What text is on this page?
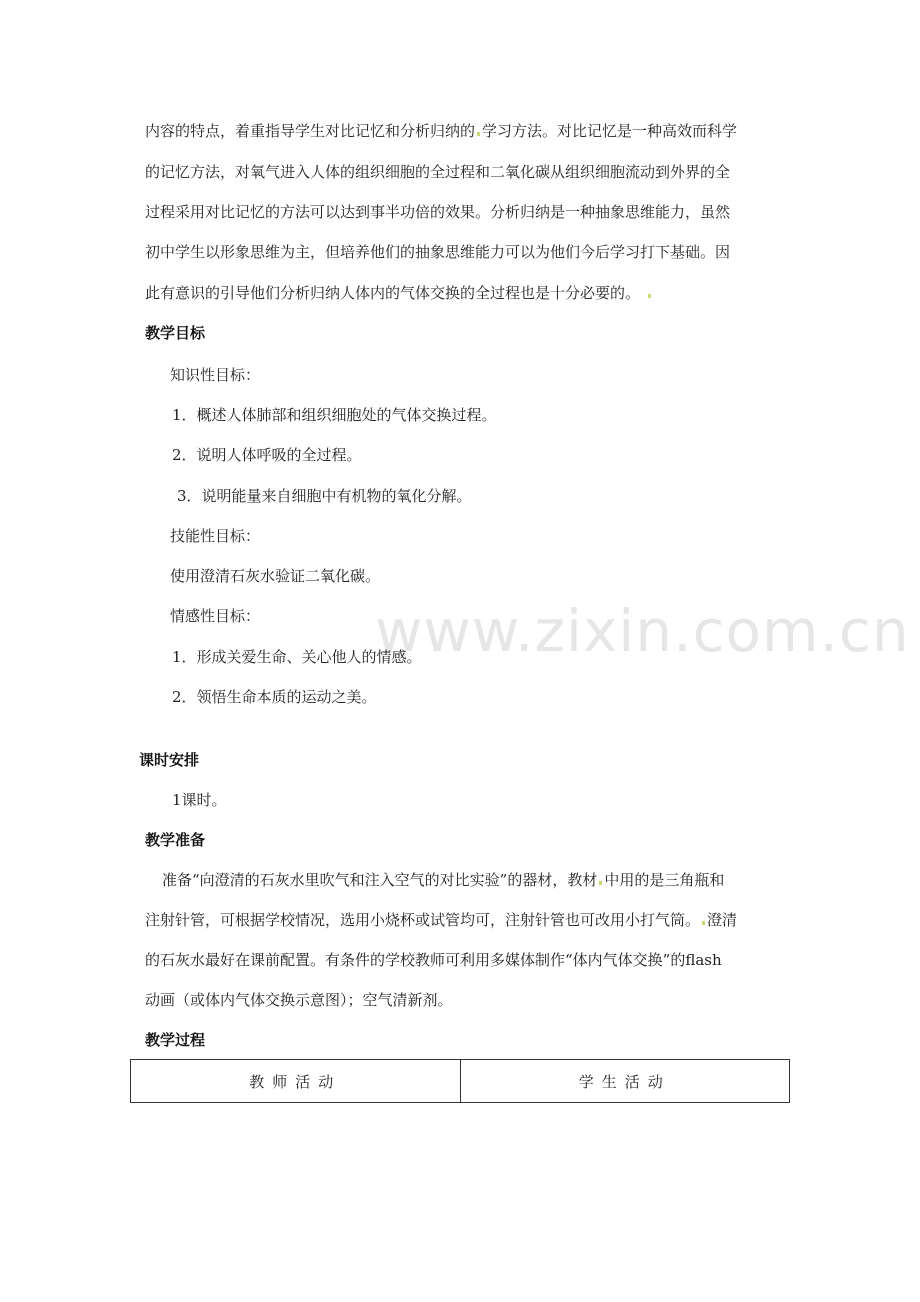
www.zixin.com.cn
内容的特点，着重指导学生对比记忆和分析归纳的 学习方法。对比记忆是一种高效而科学
的记忆方法，对氧气进入人体的组织细胞的全过程和二氧化碳从组织细胞流动到外界的全
过程采用对比记忆的方法可以达到事半功倍的效果。分析归纳是一种抽象思维能力，虽然
初中学生以形象思维为主，但培养他们的抽象思维能力可以为他们今后学习打下基础。因
此有意识的引导他们分析归纳人体内的气体交换的全过程也是十分必要的。
教学目标
知识性目标：
1．概述人体肺部和组织细胞处的气体交换过程。
2．说明人体呼吸的全过程。
3．说明能量来自细胞中有机物的氧化分解。
技能性目标：
使用澄清石灰水验证二氧化碳。
情感性目标：
1．形成关爱生命、关心他人的情感。
2．领悟生命本质的运动之美。
课时安排
1课时。
教学准备
准备“向澄清的石灰水里吹气和注入空气的对比实验”的器材，教材 中用的是三角瓶和
注射针管，可根据学校情况，选用小烧杯或试管均可，注射针管也可改用小打气筒。 澄清
的石灰水最好在课前配置。有条件的学校教师可利用多媒体制作“体内气体交换”的flash
动画（或体内气体交换示意图）；空气清新剂。
教学过程
教师活动	学生活动
